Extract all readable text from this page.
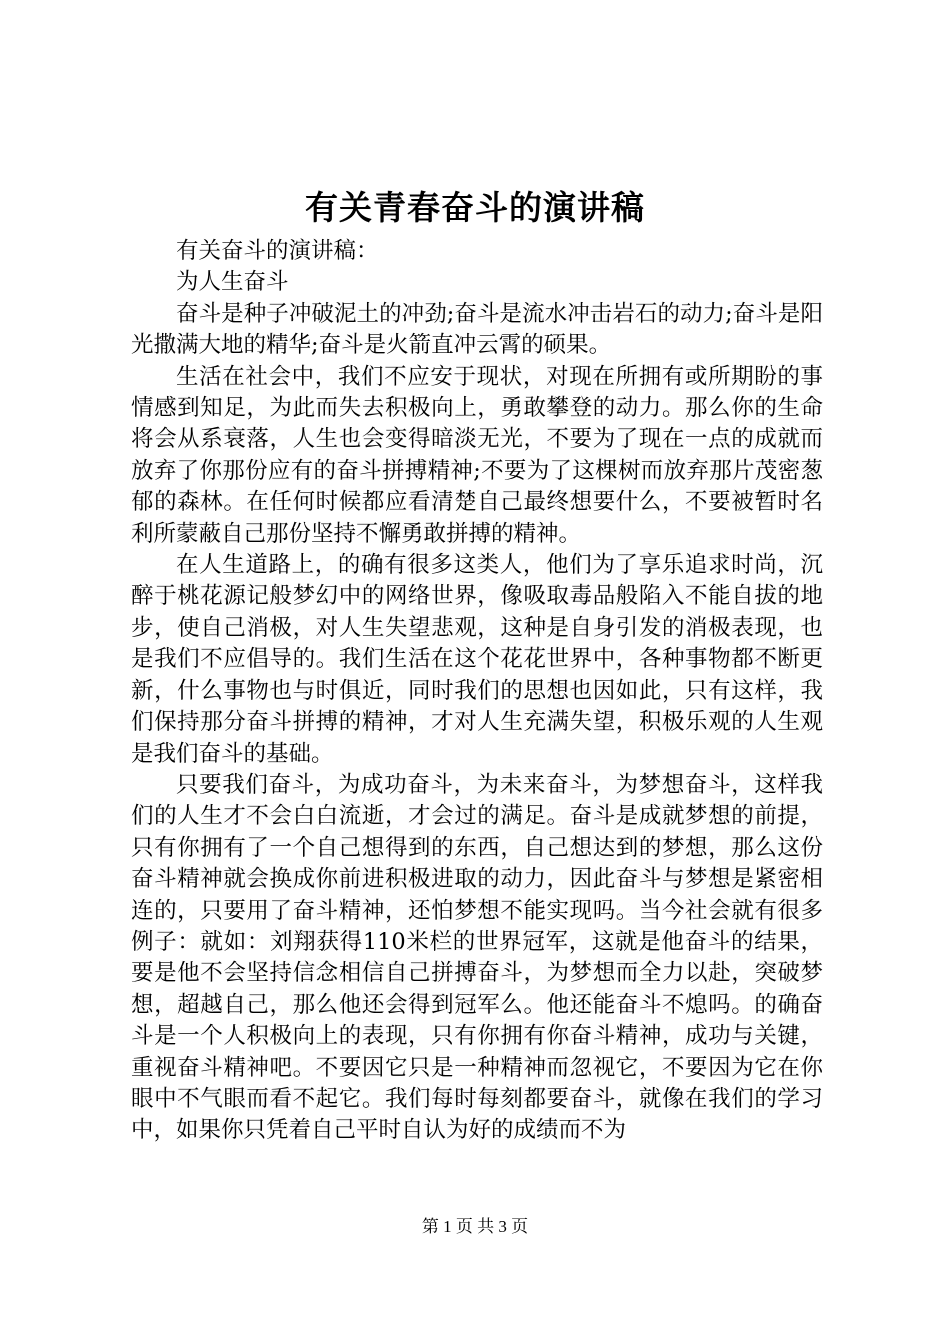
有关青春奋斗的演讲稿

有关奋斗的演讲稿：

为人生奋斗

奋斗是种子冲破泥土的冲劲;奋斗是流水冲击岩石的动力;奋斗是阳光撒满大地的精华;奋斗是火箭直冲云霄的硕果。

生活在社会中，我们不应安于现状，对现在所拥有或所期盼的事情感到知足，为此而失去积极向上，勇敢攀登的动力。那么你的生命将会从系衰落，人生也会变得暗淡无光，不要为了现在一点的成就而放弃了你那份应有的奋斗拼搏精神;不要为了这棵树而放弃那片茂密葱郁的森林。在任何时候都应看清楚自己最终想要什么，不要被暂时名利所蒙蔽自己那份坚持不懈勇敢拼搏的精神。

在人生道路上，的确有很多这类人，他们为了享乐追求时尚，沉醉于桃花源记般梦幻中的网络世界，像吸取毒品般陷入不能自拔的地步，使自己消极，对人生失望悲观，这种是自身引发的消极表现，也是我们不应倡导的。我们生活在这个花花世界中，各种事物都不断更新，什么事物也与时俱近，同时我们的思想也因如此，只有这样，我们保持那分奋斗拼搏的精神，才对人生充满失望，积极乐观的人生观是我们奋斗的基础。

只要我们奋斗，为成功奋斗，为未来奋斗，为梦想奋斗，这样我们的人生才不会白白流逝，才会过的满足。奋斗是成就梦想的前提，只有你拥有了一个自己想得到的东西，自己想达到的梦想，那么这份奋斗精神就会换成你前进积极进取的动力，因此奋斗与梦想是紧密相连的，只要用了奋斗精神，还怕梦想不能实现吗。当今社会就有很多例子：就如：刘翔获得110米栏的世界冠军，这就是他奋斗的结果，要是他不会坚持信念相信自己拼搏奋斗，为梦想而全力以赴，突破梦想，超越自己，那么他还会得到冠军么。他还能奋斗不熄吗。的确奋斗是一个人积极向上的表现，只有你拥有你奋斗精神，成功与关键，重视奋斗精神吧。不要因它只是一种精神而忽视它，不要因为它在你眼中不气眼而看不起它。我们每时每刻都要奋斗，就像在我们的学习中，如果你只凭着自己平时自认为好的成绩而不为

第 1 页 共 3 页
